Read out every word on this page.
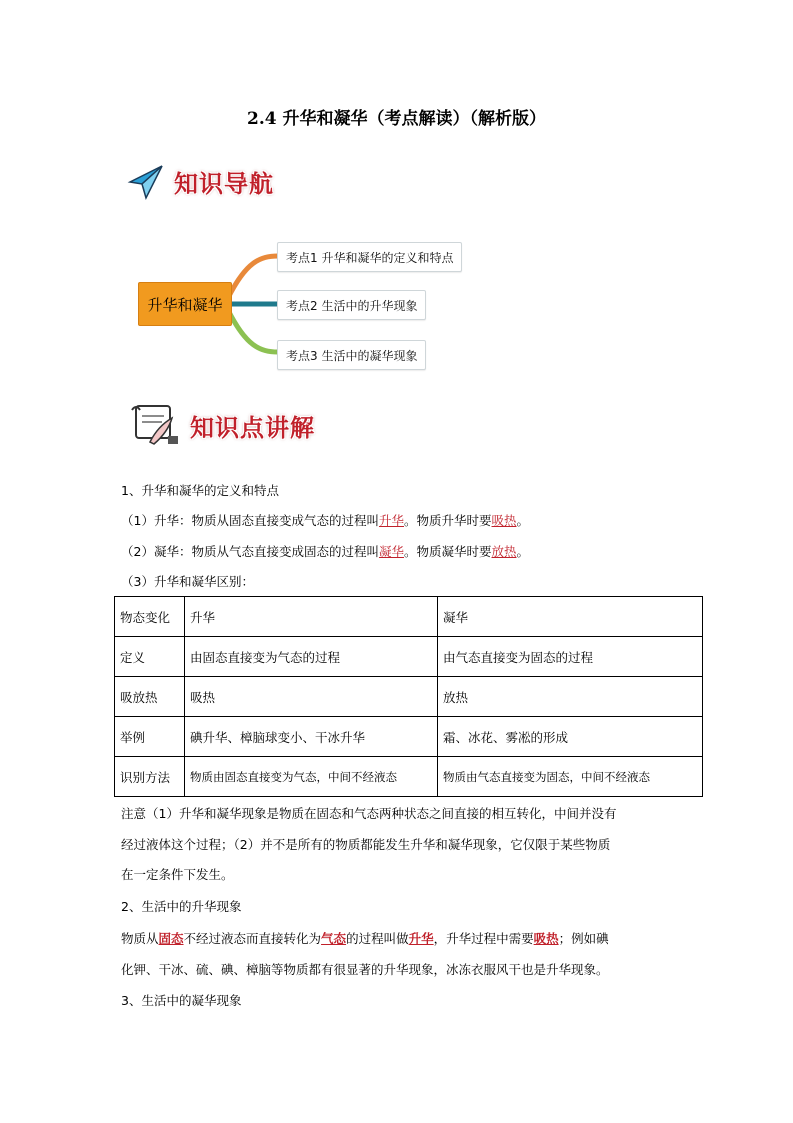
2.4 升华和凝华（考点解读）（解析版）
知识导航
升华和凝华
考点1 升华和凝华的定义和特点
考点2 生活中的升华现象
考点3 生活中的凝华现象
知识点讲解
1、升华和凝华的定义和特点
（1）升华：物质从固态直接变成气态的过程叫升华。物质升华时要吸热。
（2）凝华：物质从气态直接变成固态的过程叫凝华。物质凝华时要放热。
（3）升华和凝华区别：
物态变化	升华	凝华
定义	由固态直接变为气态的过程	由气态直接变为固态的过程
吸放热	吸热	放热
举例	碘升华、樟脑球变小、干冰升华	霜、冰花、雾凇的形成
识别方法	物质由固态直接变为气态，中间不经液态	物质由气态直接变为固态，中间不经液态
注意（1）升华和凝华现象是物质在固态和气态两种状态之间直接的相互转化，中间并没有
经过液体这个过程；（2）并不是所有的物质都能发生升华和凝华现象，它仅限于某些物质
在一定条件下发生。
2、生活中的升华现象
物质从固态不经过液态而直接转化为气态的过程叫做升华，升华过程中需要吸热；例如碘
化钾、干冰、硫、碘、樟脑等物质都有很显著的升华现象，冰冻衣服风干也是升华现象。
3、生活中的凝华现象
